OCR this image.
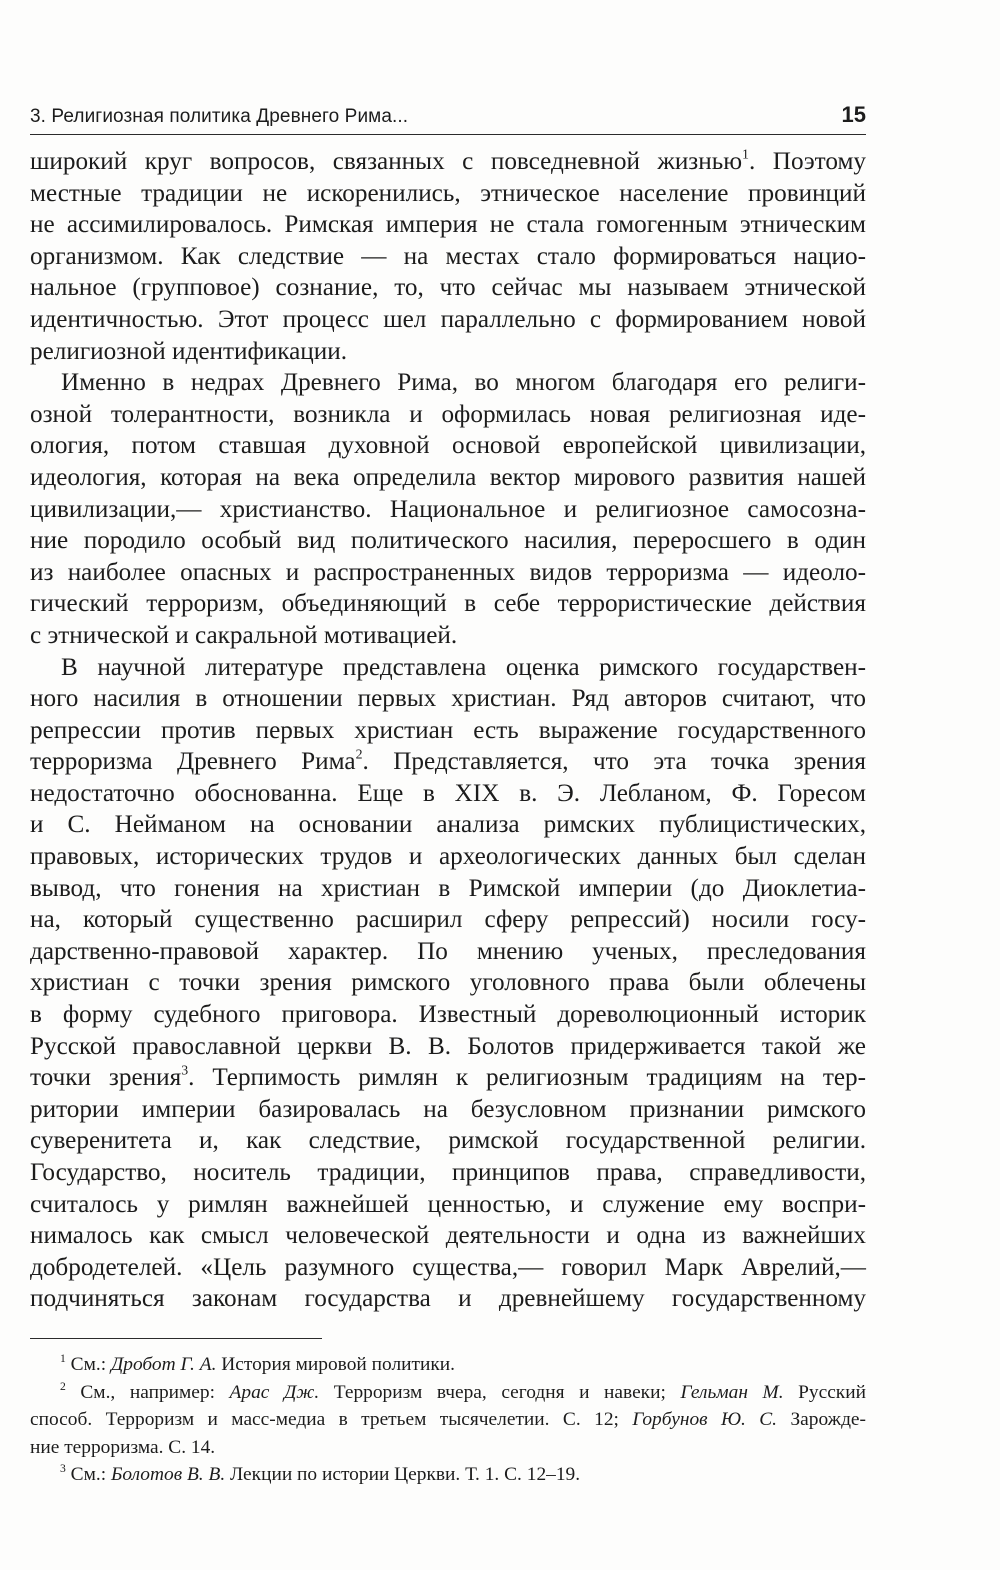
3. Религиозная политика Древнего Рима...	15
широкий круг вопросов, связанных с повседневной жизнью$^1$. Поэтому
местные традиции не искоренились, этническое население провинций
не ассимилировалось. Римская империя не стала гомогенным этническим
организмом. Как следствие — на местах стало формироваться нацио-
нальное (групповое) сознание, то, что сейчас мы называем этнической
идентичностью. Этот процесс шел параллельно с формированием новой
религиозной идентификации.
Именно в недрах Древнего Рима, во многом благодаря его религи-
озной толерантности, возникла и оформилась новая религиозная иде-
ология, потом ставшая духовной основой европейской цивилизации,
идеология, которая на века определила вектор мирового развития нашей
цивилизации,— христианство. Национальное и религиозное самосозна-
ние породило особый вид политического насилия, переросшего в один
из наиболее опасных и распространенных видов терроризма — идеоло-
гический терроризм, объединяющий в себе террористические действия
с этнической и сакральной мотивацией.
В научной литературе представлена оценка римского государствен-
ного насилия в отношении первых христиан. Ряд авторов считают, что
репрессии против первых христиан есть выражение государственного
терроризма Древнего Рима$^2$. Представляется, что эта точка зрения
недостаточно обоснованна. Еще в XIX в. Э. Лебланом, Ф. Горесом
и С. Нейманом на основании анализа римских публицистических,
правовых, исторических трудов и археологических данных был сделан
вывод, что гонения на христиан в Римской империи (до Диоклетиа-
на, который существенно расширил сферу репрессий) носили госу-
дарственно-правовой характер. По мнению ученых, преследования
христиан с точки зрения римского уголовного права были облечены
в форму судебного приговора. Известный дореволюционный историк
Русской православной церкви В. В. Болотов придерживается такой же
точки зрения$^3$. Терпимость римлян к религиозным традициям на тер-
ритории империи базировалась на безусловном признании римского
суверенитета и, как следствие, римской государственной религии.
Государство, носитель традиции, принципов права, справедливости,
считалось у римлян важнейшей ценностью, и служение ему воспри-
нималось как смысл человеческой деятельности и одна из важнейших
добродетелей. «Цель разумного существа,— говорил Марк Аврелий,—
подчиняться законам государства и древнейшему государственному
$^1$ См.: Дробот Г. А. История мировой политики.
$^2$ См., например: Арас Дж. Терроризм вчера, сегодня и навеки; Гельман М. Русский
способ. Терроризм и масс-медиа в третьем тысячелетии. С. 12; Горбунов Ю. С. Зарожде-
ние терроризма. С. 14.
$^3$ См.: Болотов В. В. Лекции по истории Церкви. Т. 1. С. 12–19.
